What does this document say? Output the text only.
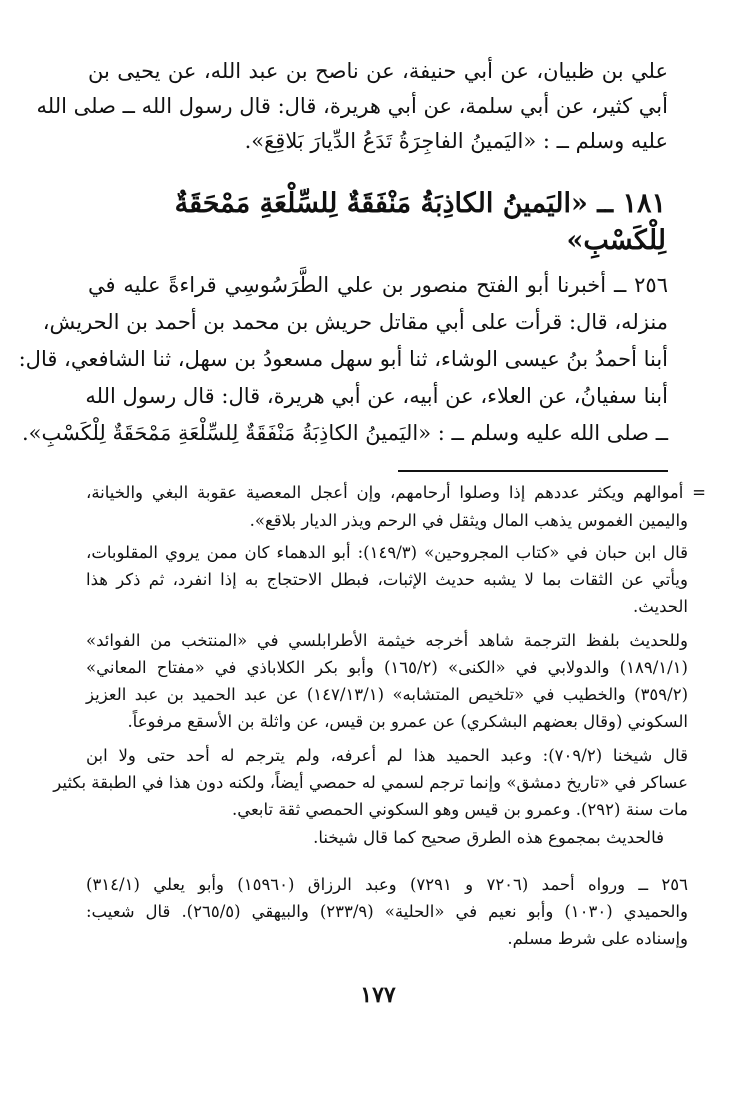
علي بن ظبيان، عن أبي حنيفة، عن ناصح بن عبد الله، عن يحيى بن
أبي كثير، عن أبي سلمة، عن أبي هريرة، قال: قال رسول الله ــ صلى الله
عليه وسلم ــ : «اليَمينُ الفاجِرَةُ تَدَعُ الدِّيارَ بَلاقِعَ».
١٨١ ــ «اليَمينُ الكاذِبَةُ مَنْفَقَةٌ لِلسِّلْعَةِ مَمْحَقَةٌ
لِلْكَسْبِ»
٢٥٦ ــ أخبرنا أبو الفتح منصور بن علي الطَّرَسُوسِي قراءةً عليه في
منزله، قال: قرأت على أبي مقاتل حريش بن محمد بن أحمد بن الحريش،
أبنا أحمدُ بنُ عيسى الوشاء، ثنا أبو سهل مسعودُ بن سهل، ثنا الشافعي، قال:
أبنا سفيانُ، عن العلاء، عن أبيه، عن أبي هريرة، قال: قال رسول الله
ــ صلى الله عليه وسلم ــ : «اليَمينُ الكاذِبَةُ مَنْفَقَةٌ لِلسِّلْعَةِ مَمْحَقَةٌ لِلْكَسْبِ».
= أموالهم ويكثر عددهم إذا وصلوا أرحامهم، وإن أعجل المعصية عقوبة البغي والخيانة،
واليمين الغموس يذهب المال ويثقل في الرحم ويذر الديار بلاقع».
قال ابن حبان في «كتاب المجروحين» (١٤٩/٣): أبو الدهماء كان ممن يروي المقلوبات،
ويأتي عن الثقات بما لا يشبه حديث الإثبات، فبطل الاحتجاج به إذا انفرد، ثم ذكر هذا
الحديث.
وللحديث بلفظ الترجمة شاهد أخرجه خيثمة الأطرابلسي في «المنتخب من الفوائد»
(١٨٩/١/١) والدولابي في «الكنى» (١٦٥/٢) وأبو بكر الكلاباذي في «مفتاح المعاني»
(٣٥٩/٢) والخطيب في «تلخيص المتشابه» (١٤٧/١٣/١) عن عبد الحميد بن عبد العزيز
السكوني (وقال بعضهم البشكري) عن عمرو بن قيس، عن واثلة بن الأسقع مرفوعاً.
قال شيخنا (٧٠٩/٢): وعبد الحميد هذا لم أعرفه، ولم يترجم له أحد حتى ولا ابن
عساكر في «تاريخ دمشق» وإنما ترجم لسمي له حمصي أيضاً، ولكنه دون هذا في الطبقة بكثير
مات سنة (٢٩٢). وعمرو بن قيس وهو السكوني الحمصي ثقة تابعي.
فالحديث بمجموع هذه الطرق صحيح كما قال شيخنا.
٢٥٦ ــ ورواه أحمد (٧٢٠٦ و ٧٢٩١) وعبد الرزاق (١٥٩٦٠) وأبو يعلي (٣١٤/١)
والحميدي (١٠٣٠) وأبو نعيم في «الحلية» (٢٣٣/٩) والبيهقي (٢٦٥/٥). قال شعيب:
وإسناده على شرط مسلم.
١٧٧
